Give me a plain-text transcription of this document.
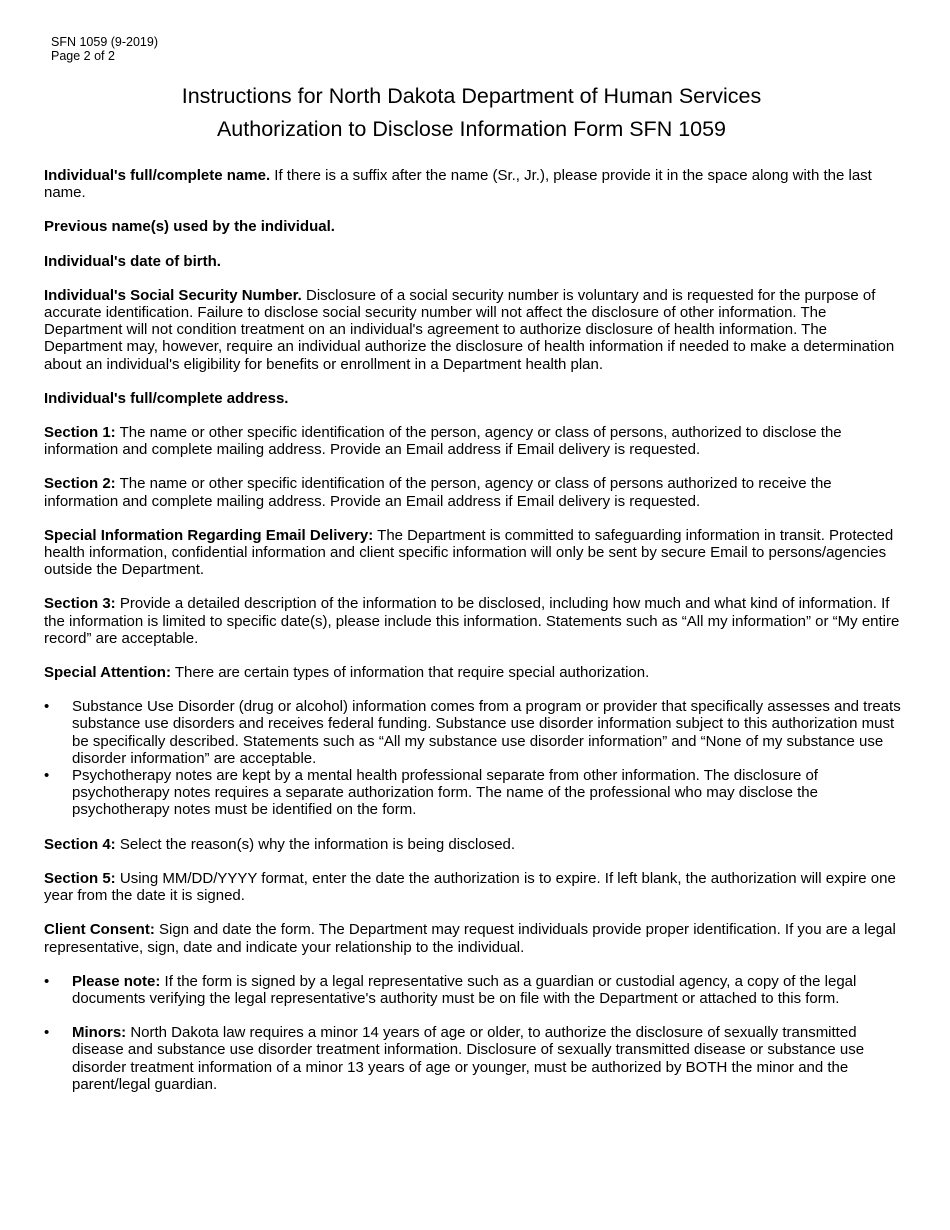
SFN 1059 (9-2019)
Page 2 of 2
Instructions for North Dakota Department of Human Services
Authorization to Disclose Information Form SFN 1059

Individual's full/complete name. If there is a suffix after the name (Sr., Jr.), please provide it in the space along with the last name.

Previous name(s) used by the individual.

Individual's date of birth.

Individual's Social Security Number. Disclosure of a social security number is voluntary and is requested for the purpose of accurate identification. Failure to disclose social security number will not affect the disclosure of other information. The Department will not condition treatment on an individual's agreement to authorize disclosure of health information. The Department may, however, require an individual authorize the disclosure of health information if needed to make a determination about an individual's eligibility for benefits or enrollment in a Department health plan.

Individual's full/complete address.

Section 1: The name or other specific identification of the person, agency or class of persons, authorized to disclose the information and complete mailing address. Provide an Email address if Email delivery is requested.

Section 2: The name or other specific identification of the person, agency or class of persons authorized to receive the information and complete mailing address. Provide an Email address if Email delivery is requested.

Special Information Regarding Email Delivery: The Department is committed to safeguarding information in transit. Protected health information, confidential information and client specific information will only be sent by secure Email to persons/agencies outside the Department.

Section 3: Provide a detailed description of the information to be disclosed, including how much and what kind of information. If the information is limited to specific date(s), please include this information. Statements such as “All my information” or “My entire record” are acceptable.

Special Attention: There are certain types of information that require special authorization.

• Substance Use Disorder (drug or alcohol) information comes from a program or provider that specifically assesses and treats substance use disorders and receives federal funding. Substance use disorder information subject to this authorization must be specifically described. Statements such as “All my substance use disorder information” and “None of my substance use disorder information” are acceptable.
• Psychotherapy notes are kept by a mental health professional separate from other information. The disclosure of psychotherapy notes requires a separate authorization form. The name of the professional who may disclose the psychotherapy notes must be identified on the form.

Section 4: Select the reason(s) why the information is being disclosed.

Section 5: Using MM/DD/YYYY format, enter the date the authorization is to expire. If left blank, the authorization will expire one year from the date it is signed.

Client Consent: Sign and date the form. The Department may request individuals provide proper identification. If you are a legal representative, sign, date and indicate your relationship to the individual.

• Please note: If the form is signed by a legal representative such as a guardian or custodial agency, a copy of the legal documents verifying the legal representative's authority must be on file with the Department or attached to this form.
• Minors: North Dakota law requires a minor 14 years of age or older, to authorize the disclosure of sexually transmitted disease and substance use disorder treatment information. Disclosure of sexually transmitted disease or substance use disorder treatment information of a minor 13 years of age or younger, must be authorized by BOTH the minor and the parent/legal guardian.
